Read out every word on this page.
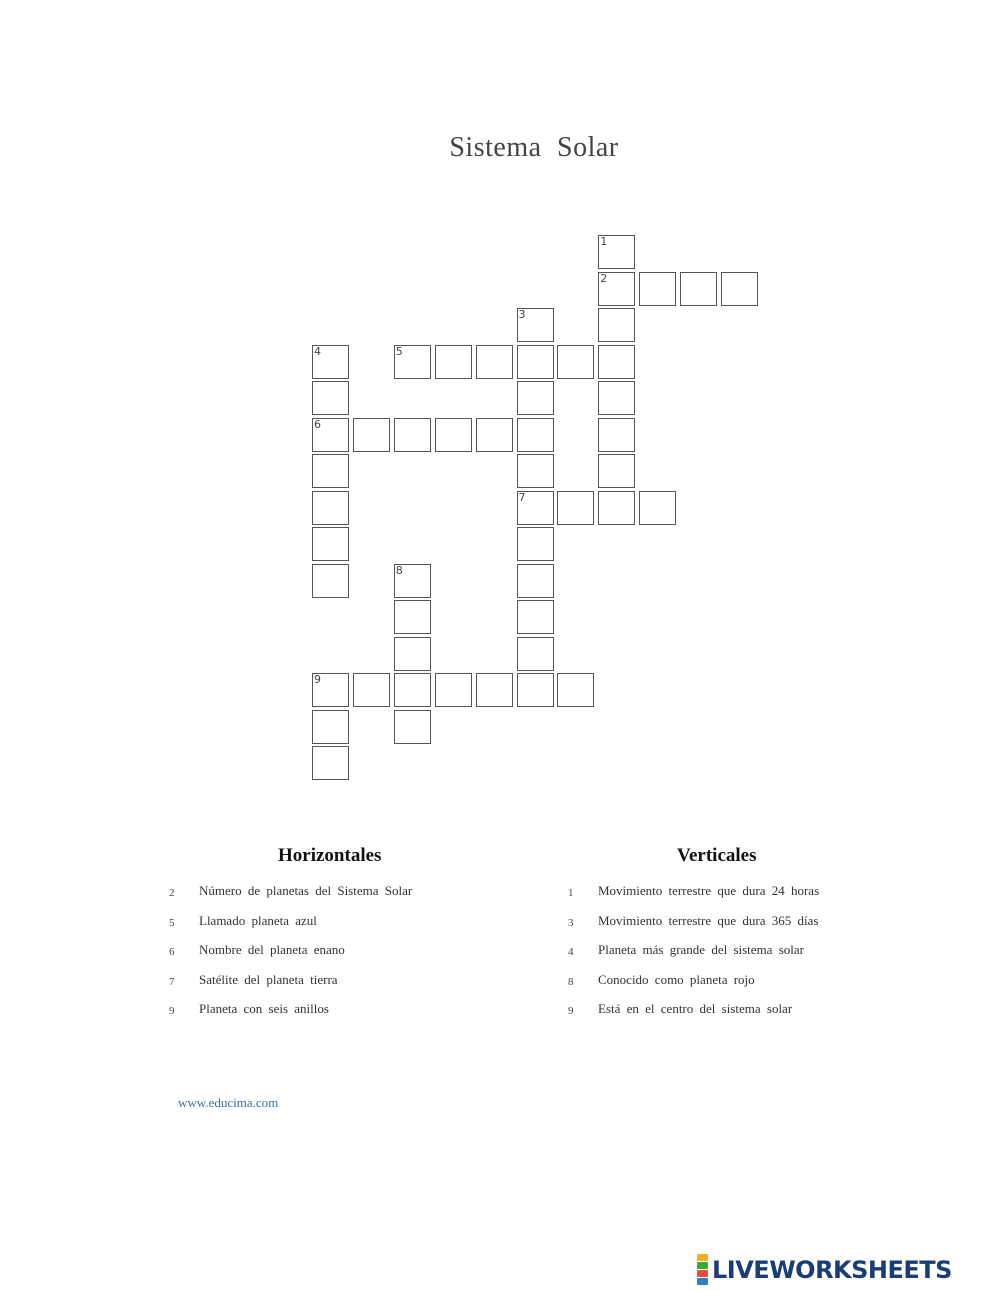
Sistema Solar
1
2
3
4	5
6
7
8
9
Horizontales	Verticales
2 Número de planetas del Sistema Solar
5 Llamado planeta azul
6 Nombre del planeta enano
7 Satélite del planeta tierra
9 Planeta con seis anillos
1 Movimiento terrestre que dura 24 horas
3 Movimiento terrestre que dura 365 días
4 Planeta más grande del sistema solar
8 Conocido como planeta rojo
9 Está en el centro del sistema solar
www.educima.com
LIVEWORKSHEETS
